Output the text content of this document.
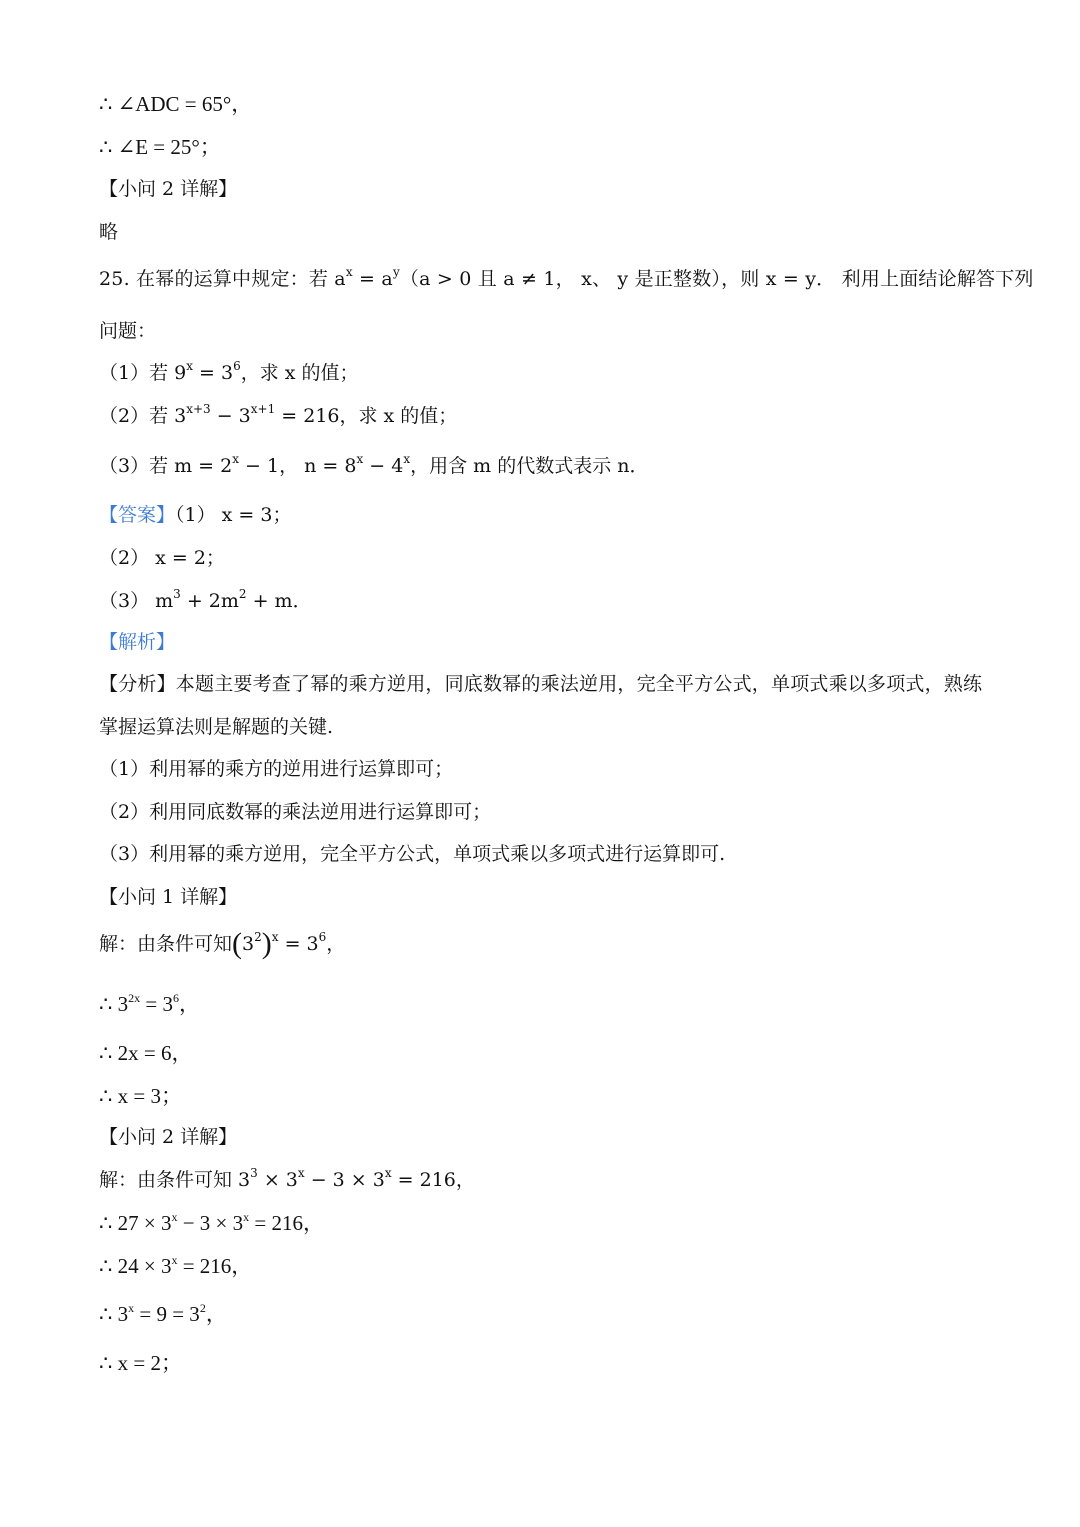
∴ ∠ADC = 65°，
∴ ∠E = 25°；
【小问 2 详解】
略
25. 在幂的运算中规定：若 $a^x = a^y(a > 0$ 且 a ≠ 1， x、 y 是正整数），则 x = y． 利用上面结论解答下列
问题：
（1）若 $9^x = 3^6$，求 x 的值；
（2）若 $3^{x+3} - 3^{x+1} = 216$，求 x 的值；
（3）若 $m = 2^x - 1$， $n = 8^x - 4^x$，用含 m 的代数式表示 n．
【答案】（1） x = 3；
（2） x = 2；
（3） $m^3 + 2m^2 + m$．
【解析】
【分析】本题主要考查了幂的乘方逆用，同底数幂的乘法逆用，完全平方公式，单项式乘以多项式，熟练
掌握运算法则是解题的关键.
（1）利用幂的乘方的逆用进行运算即可；
（2）利用同底数幂的乘法逆用进行运算即可；
（3）利用幂的乘方逆用，完全平方公式，单项式乘以多项式进行运算即可.
【小问 1 详解】
解：由条件可知$(3^2)^x = 3^6$，
∴ $3^{2x} = 3^6$，
∴ 2x = 6，
∴ x = 3；
【小问 2 详解】
解：由条件可知 $3^3 \times 3^x - 3 \times 3^x = 216$，
∴ $27 \times 3^x - 3 \times 3^x = 216$，
∴ $24 \times 3^x = 216$，
∴ $3^x = 9 = 3^2$，
∴ x = 2；
